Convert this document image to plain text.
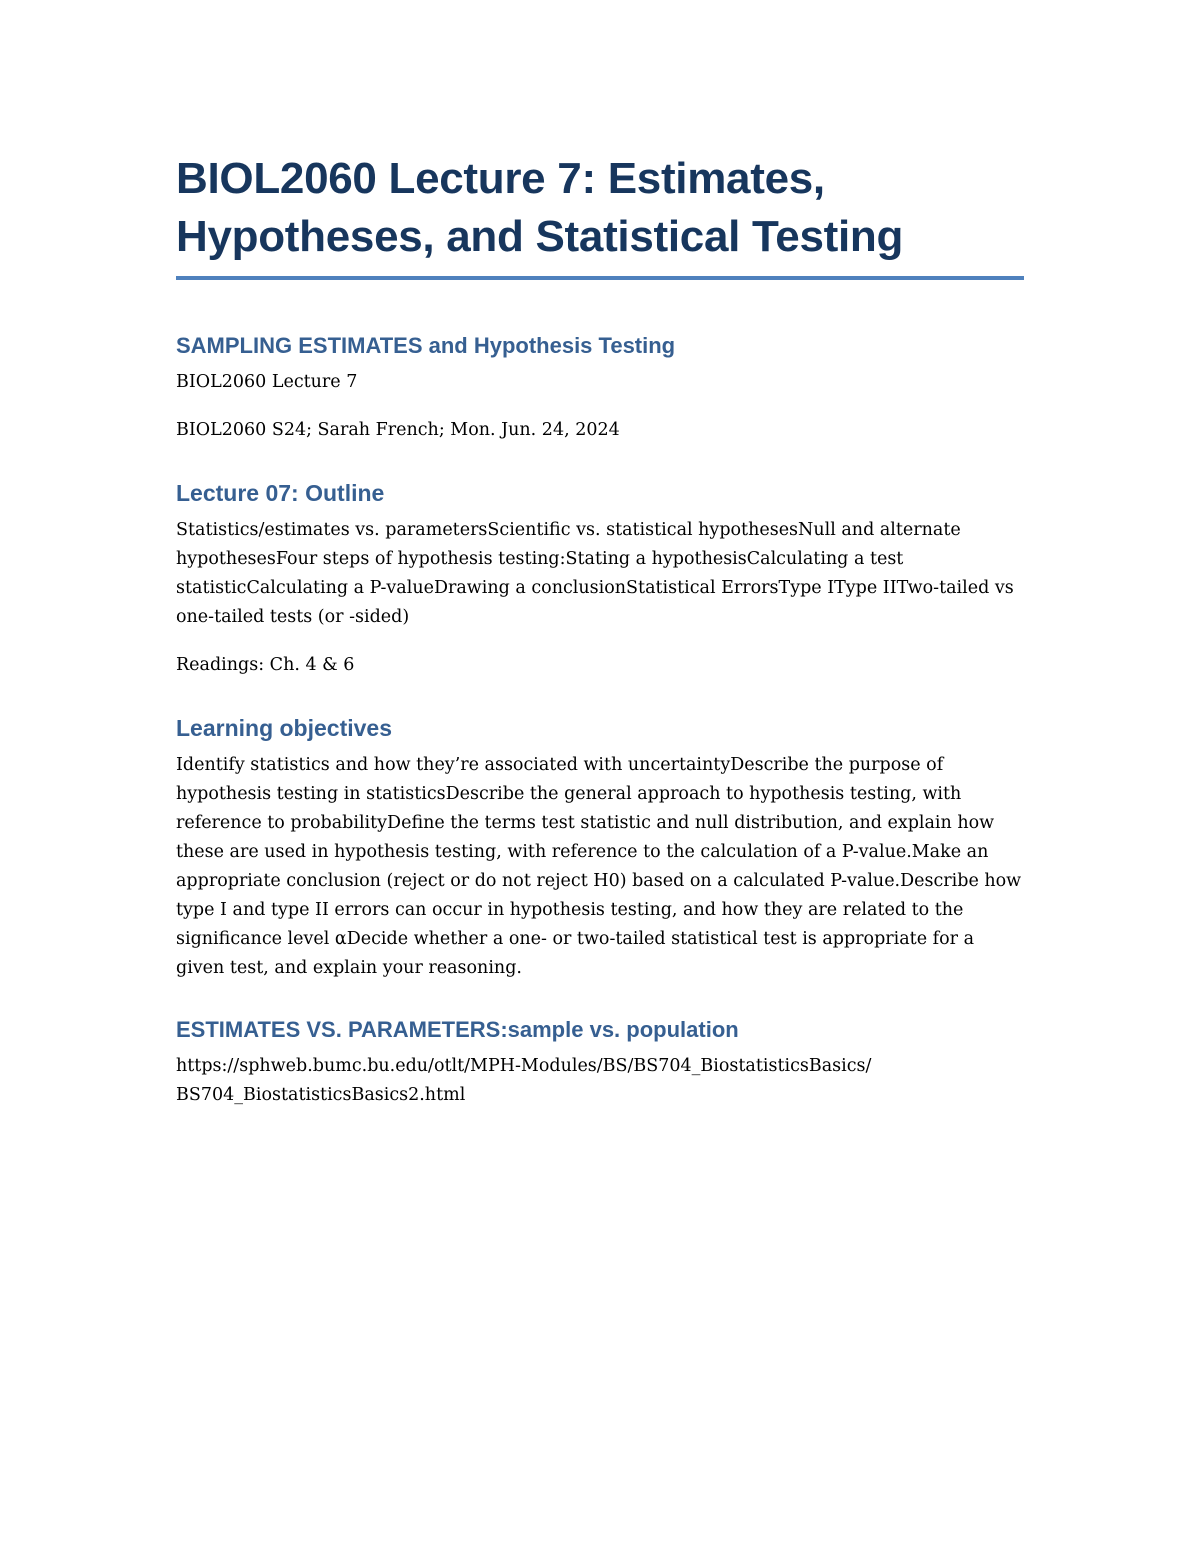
BIOL2060 Lecture 7: Estimates,
Hypotheses, and Statistical Testing
SAMPLING ESTIMATES and Hypothesis Testing

BIOL2060 Lecture 7

BIOL2060 S24; Sarah French; Mon. Jun. 24, 2024

Lecture 07: Outline

Statistics/estimates vs. parametersScientific vs. statistical hypothesesNull and alternate hypothesesFour steps of hypothesis testing:Stating a hypothesisCalculating a test statisticCalculating a P-valueDrawing a conclusionStatistical ErrorsType IType IITwo-tailed vs one-tailed tests (or -sided)

Readings: Ch. 4 & 6

Learning objectives

Identify statistics and how they’re associated with uncertaintyDescribe the purpose of hypothesis testing in statisticsDescribe the general approach to hypothesis testing, with reference to probabilityDefine the terms test statistic and null distribution, and explain how these are used in hypothesis testing, with reference to the calculation of a P-value.Make an appropriate conclusion (reject or do not reject H0) based on a calculated P-value.Describe how type I and type II errors can occur in hypothesis testing, and how they are related to the significance level αDecide whether a one- or two-tailed statistical test is appropriate for a given test, and explain your reasoning.

ESTIMATES VS. PARAMETERS:sample vs. population

https://sphweb.bumc.bu.edu/otlt/MPH-Modules/BS/BS704_BiostatisticsBasics/
BS704_BiostatisticsBasics2.html
